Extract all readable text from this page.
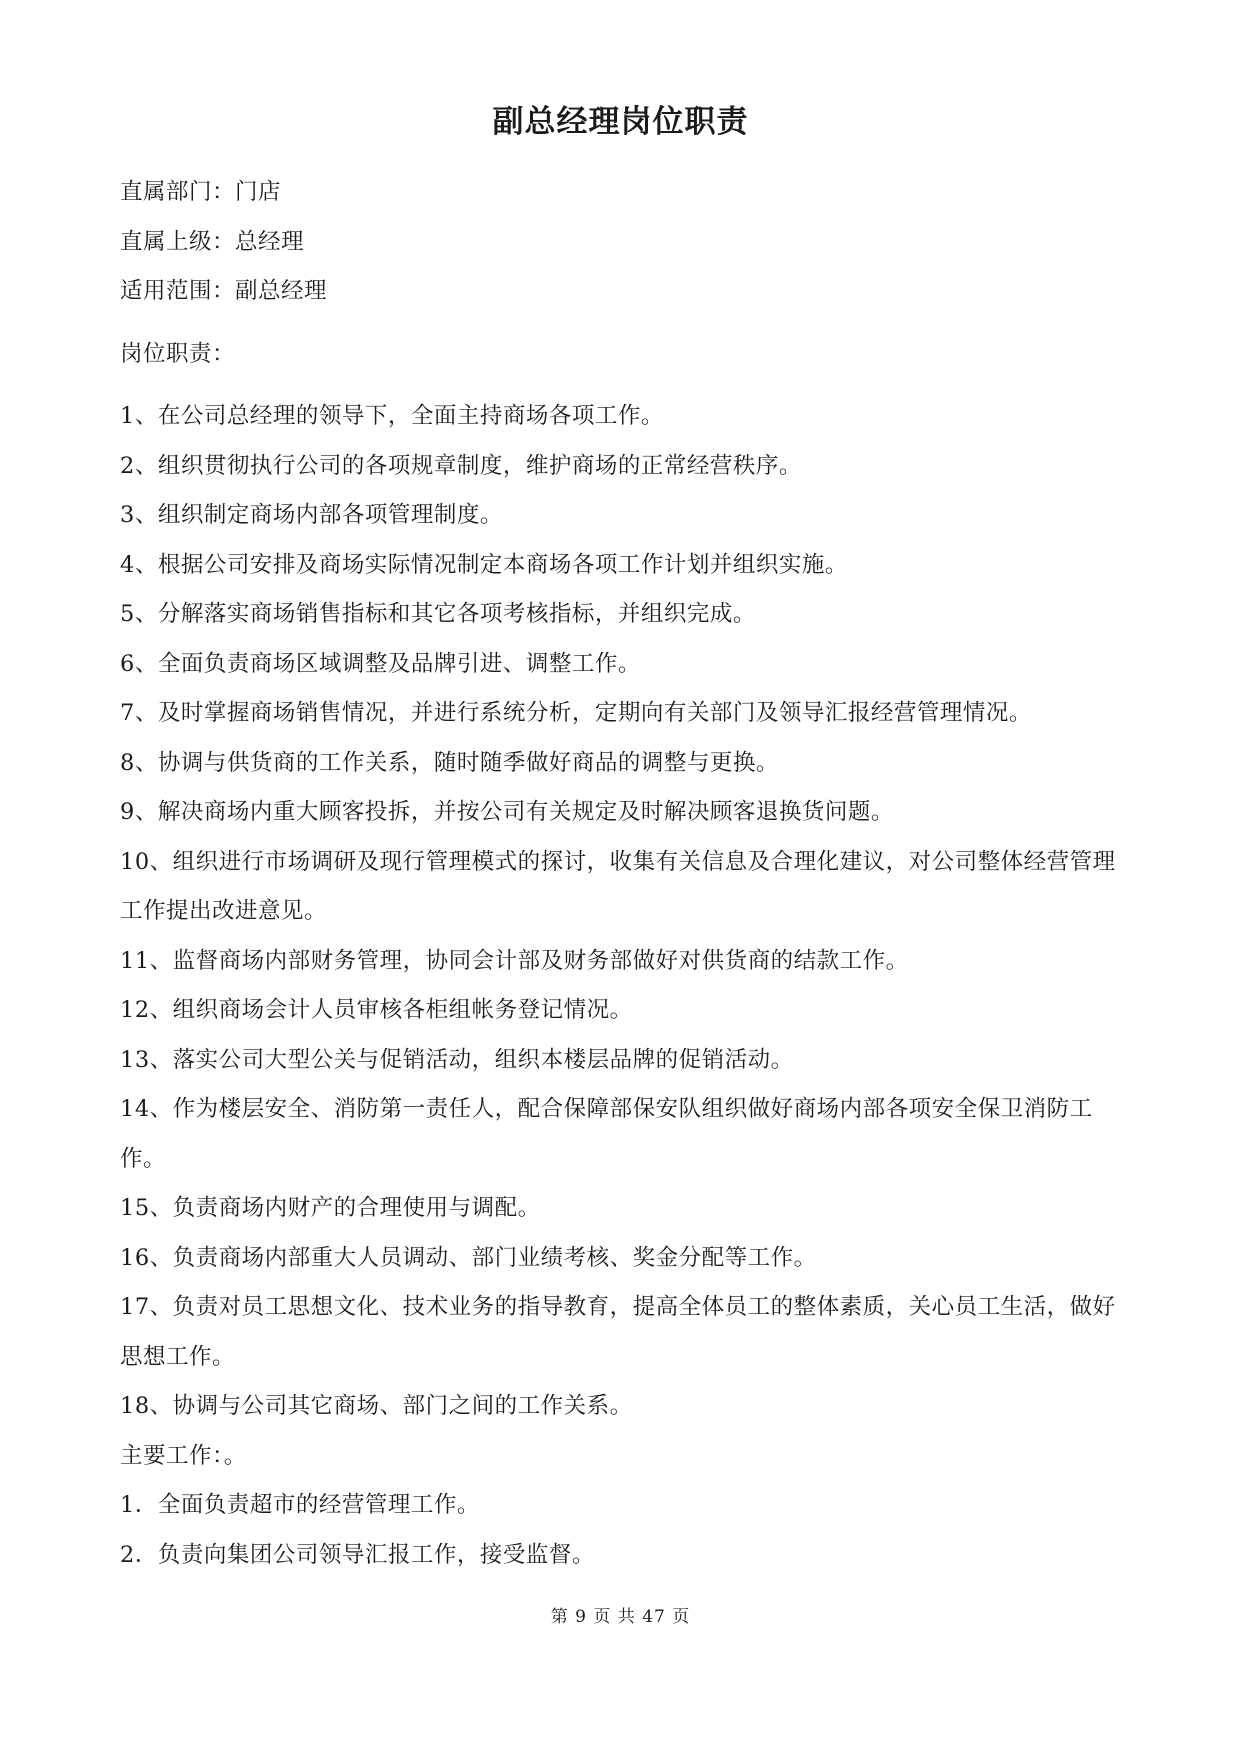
副总经理岗位职责
直属部门：门店
直属上级：总经理
适用范围：副总经理
岗位职责：

1、在公司总经理的领导下，全面主持商场各项工作。

2、组织贯彻执行公司的各项规章制度，维护商场的正常经营秩序。

3、组织制定商场内部各项管理制度。

4、根据公司安排及商场实际情况制定本商场各项工作计划并组织实施。

5、分解落实商场销售指标和其它各项考核指标，并组织完成。

6、全面负责商场区域调整及品牌引进、调整工作。

7、及时掌握商场销售情况，并进行系统分析，定期向有关部门及领导汇报经营管理情况。

8、协调与供货商的工作关系，随时随季做好商品的调整与更换。

9、解决商场内重大顾客投拆，并按公司有关规定及时解决顾客退换货问题。

10、组织进行市场调研及现行管理模式的探讨，收集有关信息及合理化建议，对公司整体经营管理工作提出改进意见。

11、监督商场内部财务管理，协同会计部及财务部做好对供货商的结款工作。

12、组织商场会计人员审核各柜组帐务登记情况。

13、落实公司大型公关与促销活动，组织本楼层品牌的促销活动。

14、作为楼层安全、消防第一责任人，配合保障部保安队组织做好商场内部各项安全保卫消防工作。

15、负责商场内财产的合理使用与调配。

16、负责商场内部重大人员调动、部门业绩考核、奖金分配等工作。

17、负责对员工思想文化、技术业务的指导教育，提高全体员工的整体素质，关心员工生活，做好思想工作。

18、协调与公司其它商场、部门之间的工作关系。

主要工作：。
1．全面负责超市的经营管理工作。
2．负责向集团公司领导汇报工作，接受监督。
第 9 页 共 47 页
